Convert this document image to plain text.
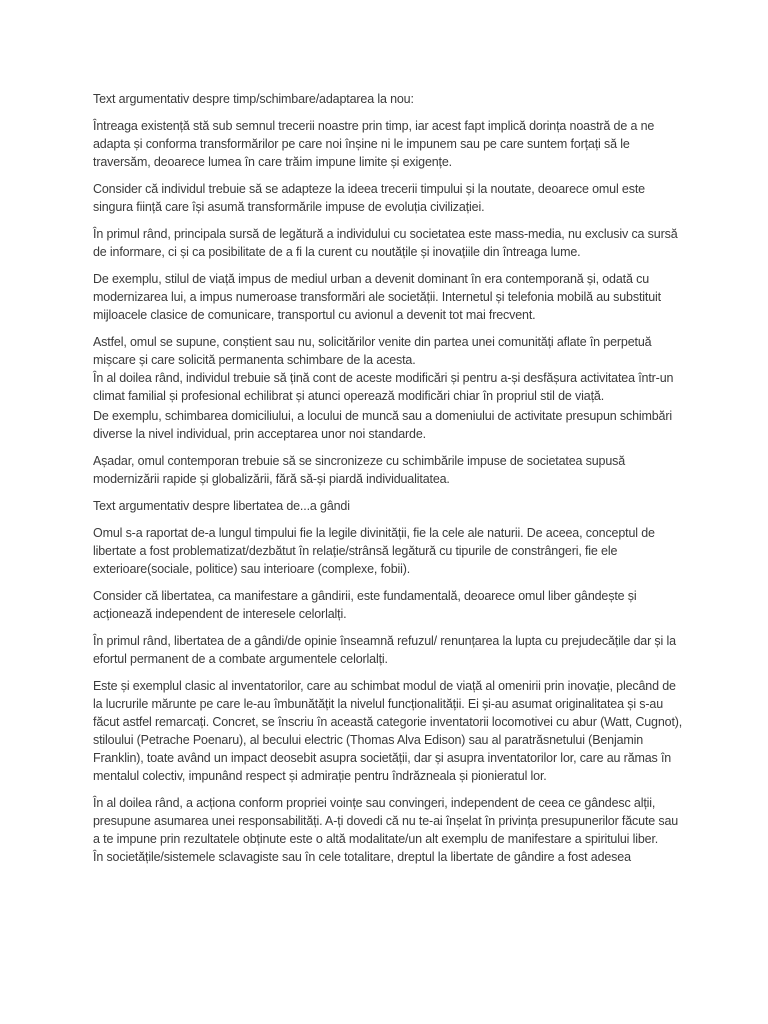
Text argumentativ despre timp/schimbare/adaptarea la nou:

Întreaga existență stă sub semnul trecerii noastre prin timp, iar acest fapt implică dorința noastră de a ne adapta și conforma transformărilor pe care noi înșine ni le impunem sau pe care suntem forțați să le traversăm, deoarece lumea în care trăim impune limite și exigențe.

Consider că individul trebuie să se adapteze la ideea trecerii timpului și la noutate, deoarece omul este singura ființă care își asumă transformările impuse de evoluția civilizației.

În primul rând, principala sursă de legătură a individului cu societatea este mass-media, nu exclusiv ca sursă de informare, ci și ca posibilitate de a fi la curent cu noutățile și inovațiile din întreaga lume.

De exemplu, stilul de viață impus de mediul urban a devenit dominant în era contemporană și, odată cu modernizarea lui, a impus numeroase transformări ale societății. Internetul și telefonia mobilă au substituit mijloacele clasice de comunicare, transportul cu avionul a devenit tot mai frecvent.

Astfel, omul se supune, conștient sau nu, solicitărilor venite din partea unei comunități aflate în perpetuă mișcare și care solicită permanenta schimbare de la acesta.

În al doilea rând, individul trebuie să țină cont de aceste modificări și pentru a-și desfășura activitatea într-un climat familial și profesional echilibrat și atunci operează modificări chiar în propriul stil de viață.

De exemplu, schimbarea domiciliului, a locului de muncă sau a domeniului de activitate presupun schimbări diverse la nivel individual, prin acceptarea unor noi standarde.

Așadar, omul contemporan trebuie să se sincronizeze cu schimbările impuse de societatea supusă modernizării rapide și globalizării, fără să-și piardă individualitatea.

Text argumentativ despre libertatea de...a gândi

Omul s-a raportat de-a lungul timpului fie la legile divinității, fie la cele ale naturii. De aceea, conceptul de libertate a fost problematizat/dezbătut în relație/strânsă legătură cu tipurile de constrângeri, fie ele exterioare(sociale, politice) sau interioare (complexe, fobii).

Consider că libertatea, ca manifestare a gândirii, este fundamentală, deoarece omul liber gândește și acționează independent de interesele celorlalți.

În primul rând, libertatea de a gândi/de opinie înseamnă refuzul/ renunțarea la lupta cu prejudecățile dar și la efortul permanent de a combate argumentele celorlalți.

Este și exemplul clasic al inventatorilor, care au schimbat modul de viață al omenirii prin inovație, plecând de la lucrurile mărunte pe care le-au îmbunătățit la nivelul funcționalității. Ei și-au asumat originalitatea și s-au făcut astfel remarcați. Concret, se înscriu în această categorie inventatorii locomotivei cu abur (Watt, Cugnot), stiloului (Petrache Poenaru), al becului electric (Thomas Alva Edison) sau al paratrăsnetului (Benjamin Franklin), toate având un impact deosebit asupra societății, dar și asupra inventatorilor lor, care au rămas în mentalul colectiv, impunând respect și admirație pentru îndrăzneala și pionieratul lor.

În al doilea rând, a acționa conform propriei voințe sau convingeri, independent de ceea ce gândesc alții, presupune asumarea unei responsabilități. A-ți dovedi că nu te-ai înșelat în privința presupunerilor făcute sau a te impune prin rezultatele obținute este o altă modalitate/un alt exemplu de manifestare a spiritului liber.

În societățile/sistemele sclavagiste sau în cele totalitare, dreptul la libertate de gândire a fost adesea
